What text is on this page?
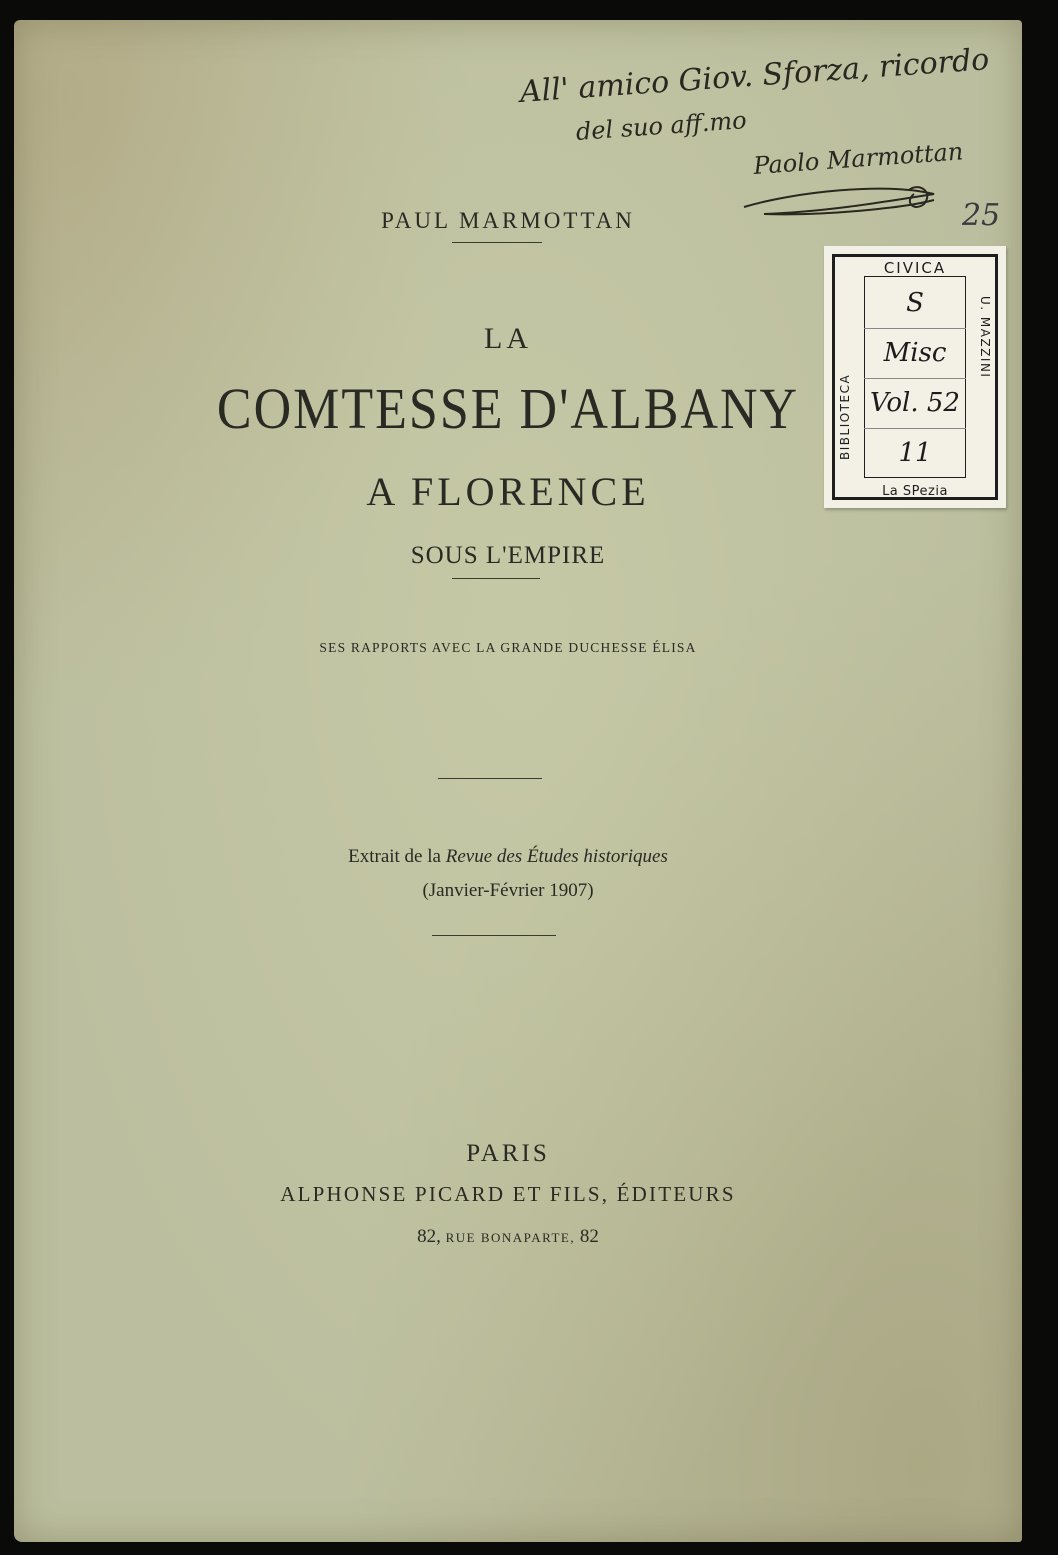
All' amico Giov. Sforza, ricordo
del suo aff.mo
Paolo Marmottan
25
CIVICA
S
Misc
Vol. 52
11
BIBLIOTECA
U. MAZZINI
La SPezia
PAUL MARMOTTAN
LA
COMTESSE D'ALBANY
A FLORENCE
SOUS L'EMPIRE
SES RAPPORTS AVEC LA GRANDE DUCHESSE ÉLISA
Extrait de la Revue des Études historiques
(Janvier-Février 1907)
PARIS
ALPHONSE PICARD ET FILS, ÉDITEURS
82, RUE BONAPARTE, 82
